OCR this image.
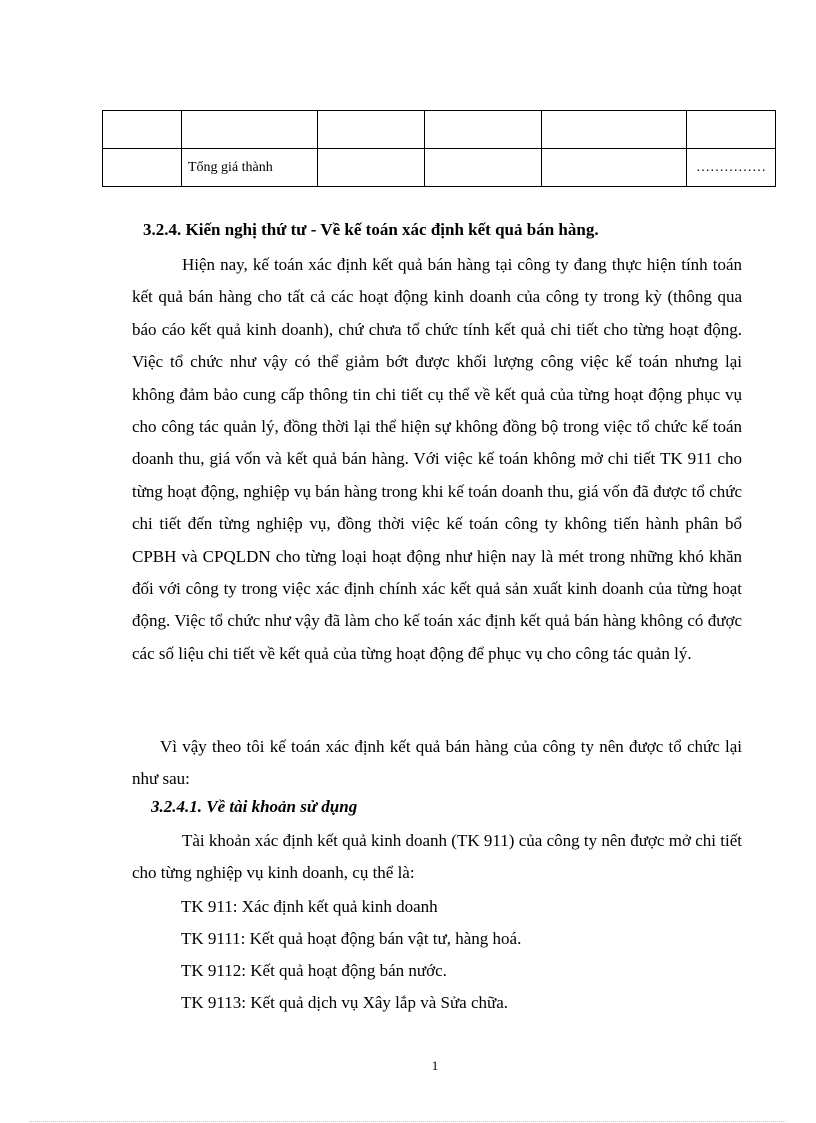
	Tổng giá thành				……………

3.2.4. Kiến nghị thứ tư - Về kế toán xác định kết quả bán hàng.

Hiện nay, kế toán xác định kết quả bán hàng tại công ty đang thực hiện tính toán kết quả bán hàng cho tất cả các hoạt động kinh doanh của công ty trong kỳ (thông qua báo cáo kết quả kinh doanh), chứ chưa tổ chức tính kết quả chi tiết cho từng hoạt động. Việc tổ chức như vậy có thể giảm bớt được khối lượng công việc kế toán nhưng lại không đảm bảo cung cấp thông tin chi tiết cụ thể về kết quả của từng hoạt động phục vụ cho công tác quản lý, đồng thời lại thể hiện sự không đồng bộ trong việc tổ chức kế toán doanh thu, giá vốn và kết quả bán hàng. Với việc kế toán không mở chi tiết TK 911 cho từng hoạt động, nghiệp vụ bán hàng trong khi kế toán doanh thu, giá vốn đã được tổ chức chi tiết đến từng nghiệp vụ, đồng thời việc kế toán công ty không tiến hành phân bổ CPBH và CPQLDN cho từng loại hoạt động như hiện nay là mét trong những khó khăn đối với công ty trong việc xác định chính xác kết quả sản xuất kinh doanh của từng hoạt động. Việc tổ chức như vậy đã làm cho kế toán xác định kết quả bán hàng không có được các số liệu chi tiết về kết quả của từng hoạt động để phục vụ cho công tác quản lý.

Vì vậy theo tôi kế toán xác định kết quả bán hàng của công ty nên được tổ chức lại như sau:

3.2.4.1. Về tài khoản sử dụng

Tài khoản xác định kết quả kinh doanh (TK 911) của công ty nên được mở chi tiết cho từng nghiệp vụ kinh doanh, cụ thể là:

TK 911: Xác định kết quả kinh doanh

TK 9111: Kết quả hoạt động bán vật tư, hàng hoá.

TK 9112: Kết quả hoạt động bán nước.

TK 9113: Kết quả dịch vụ Xây lắp và Sửa chữa.

1
